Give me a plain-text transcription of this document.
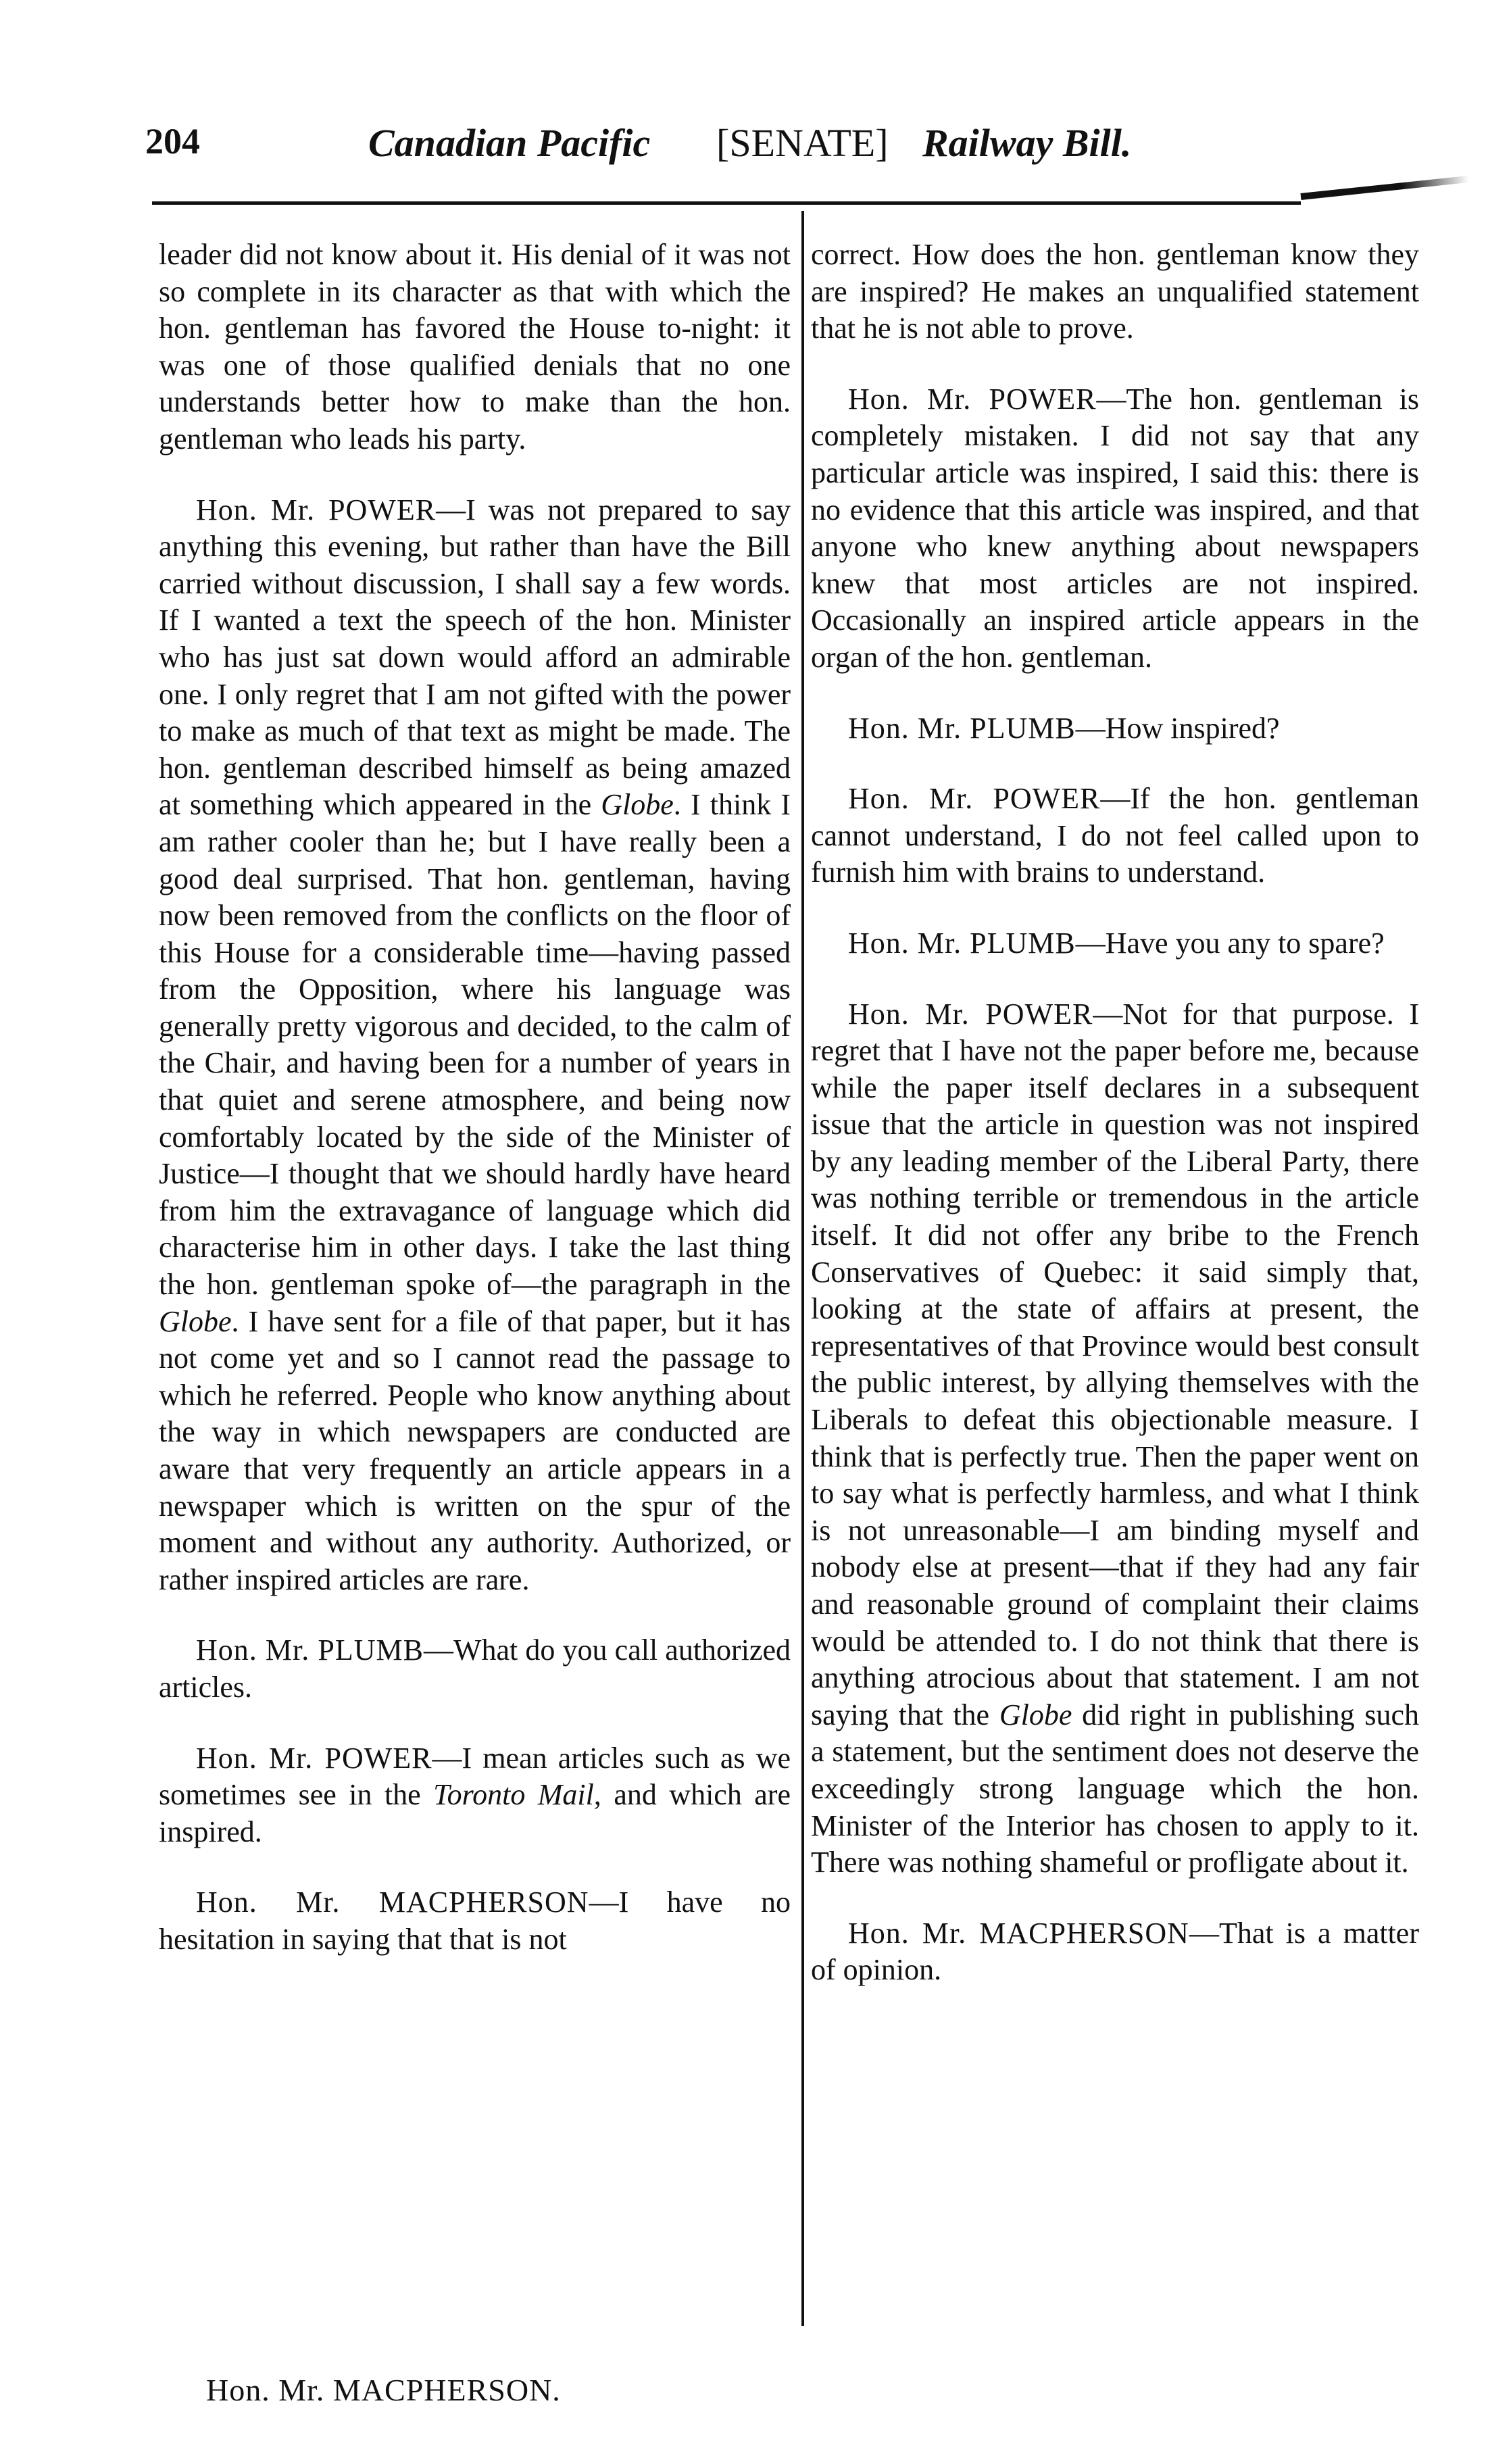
204	Canadian Pacific [SENATE] Railway Bill.

leader did not know about it. His denial of it was not so complete in its character as that with which the hon. gentleman has favored the House to-night: it was one of those qualified denials that no one understands better how to make than the hon. gentleman who leads his party.

Hon. Mr. POWER—I was not prepared to say anything this evening, but rather than have the Bill carried without discussion, I shall say a few words. If I wanted a text the speech of the hon. Minister who has just sat down would afford an admirable one. I only regret that I am not gifted with the power to make as much of that text as might be made. The hon. gentleman described himself as being amazed at something which appeared in the Globe. I think I am rather cooler than he; but I have really been a good deal surprised. That hon. gentleman, having now been removed from the conflicts on the floor of this House for a considerable time—having passed from the Opposition, where his language was generally pretty vigorous and decided, to the calm of the Chair, and having been for a number of years in that quiet and serene atmosphere, and being now comfortably located by the side of the Minister of Justice—I thought that we should hardly have heard from him the extravagance of language which did characterise him in other days. I take the last thing the hon. gentleman spoke of—the paragraph in the Globe. I have sent for a file of that paper, but it has not come yet and so I cannot read the passage to which he referred. People who know anything about the way in which newspapers are conducted are aware that very frequently an article appears in a newspaper which is written on the spur of the moment and without any authority. Authorized, or rather inspired articles are rare.

Hon. Mr. PLUMB—What do you call authorized articles.

Hon. Mr. POWER—I mean articles such as we sometimes see in the Toronto Mail, and which are inspired.

Hon. Mr. MACPHERSON—I have no hesitation in saying that that is not

correct. How does the hon. gentleman know they are inspired? He makes an unqualified statement that he is not able to prove.

Hon. Mr. POWER—The hon. gentleman is completely mistaken. I did not say that any particular article was inspired, I said this: there is no evidence that this article was inspired, and that anyone who knew anything about newspapers knew that most articles are not inspired. Occasionally an inspired article appears in the organ of the hon. gentleman.

Hon. Mr. PLUMB—How inspired?

Hon. Mr. POWER—If the hon. gentleman cannot understand, I do not feel called upon to furnish him with brains to understand.

Hon. Mr. PLUMB—Have you any to spare?

Hon. Mr. POWER—Not for that purpose. I regret that I have not the paper before me, because while the paper itself declares in a subsequent issue that the article in question was not inspired by any leading member of the Liberal Party, there was nothing terrible or tremendous in the article itself. It did not offer any bribe to the French Conservatives of Quebec: it said simply that, looking at the state of affairs at present, the representatives of that Province would best consult the public interest, by allying themselves with the Liberals to defeat this objectionable measure. I think that is perfectly true. Then the paper went on to say what is perfectly harmless, and what I think is not unreasonable—I am binding myself and nobody else at present—that if they had any fair and reasonable ground of complaint their claims would be attended to. I do not think that there is anything atrocious about that statement. I am not saying that the Globe did right in publishing such a statement, but the sentiment does not deserve the exceedingly strong language which the hon. Minister of the Interior has chosen to apply to it. There was nothing shameful or profligate about it.

Hon. Mr. MACPHERSON—That is a matter of opinion.

Hon. Mr. MACPHERSON.
